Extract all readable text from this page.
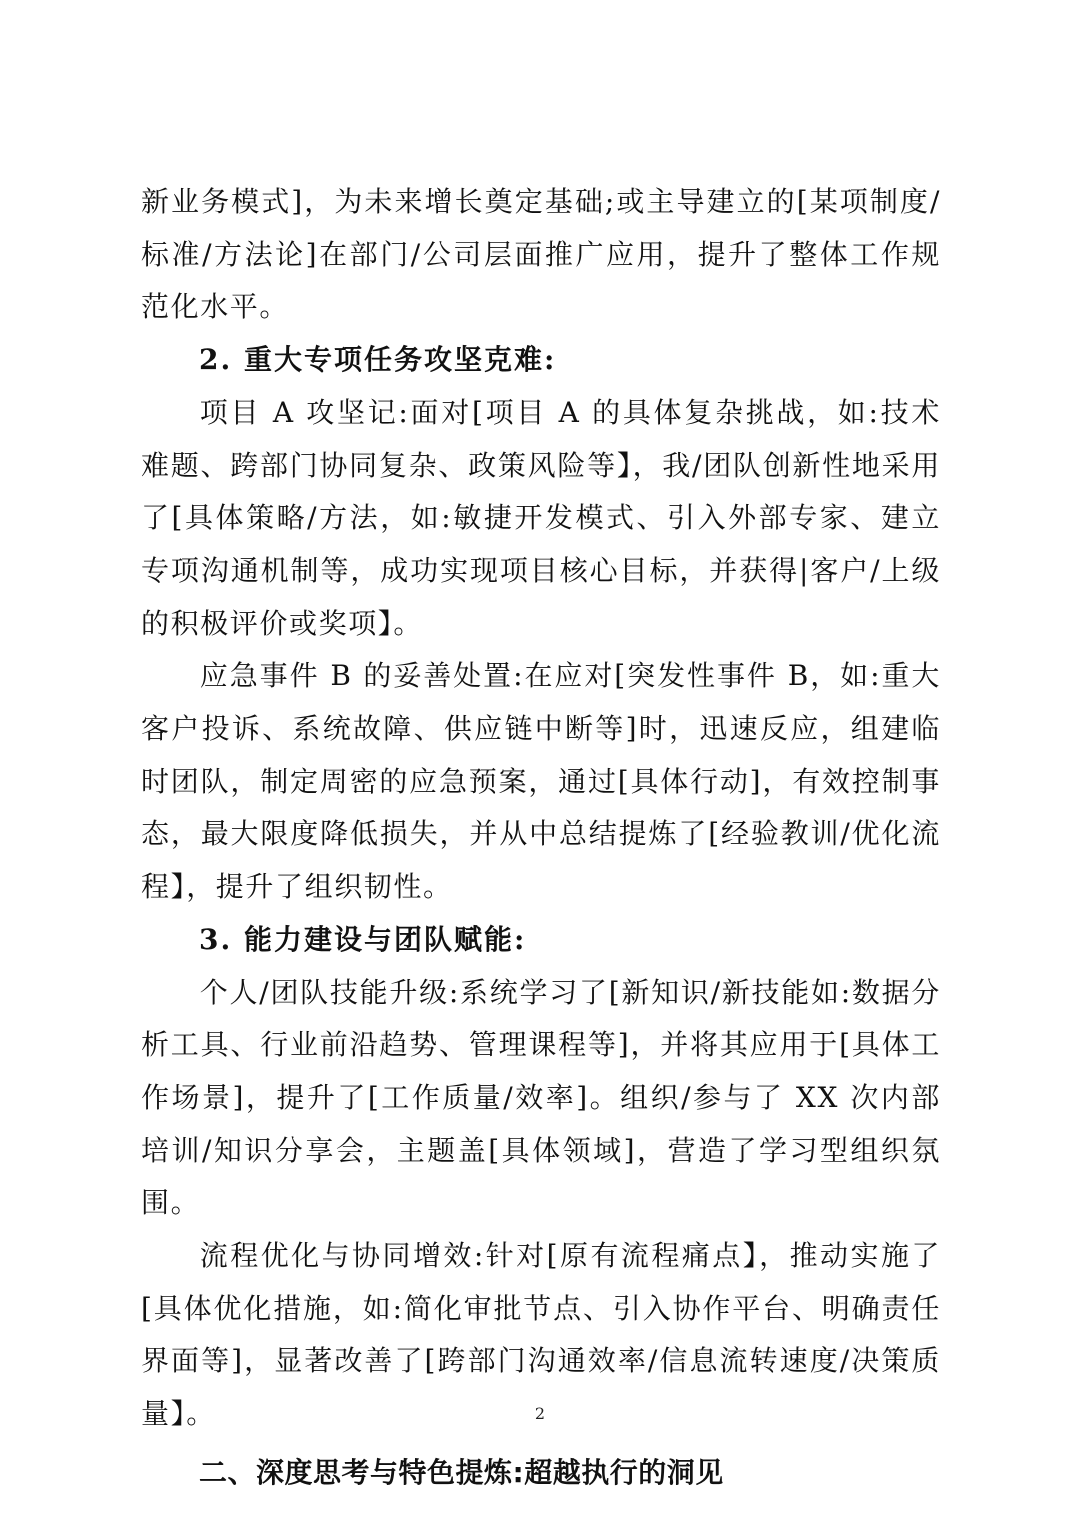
新业务模式]，为未来增长奠定基础;或主导建立的[某项制度/标准/方法论]在部门/公司层面推广应用，提升了整体工作规范化水平。

2. 重大专项任务攻坚克难:

项目 A 攻坚记:面对[项目 A 的具体复杂挑战，如:技术难题、跨部门协同复杂、政策风险等】，我/团队创新性地采用了[具体策略/方法，如:敏捷开发模式、引入外部专家、建立专项沟通机制等，成功实现项目核心目标，并获得|客户/上级的积极评价或奖项】。

应急事件 B 的妥善处置:在应对[突发性事件 B，如:重大客户投诉、系统故障、供应链中断等]时，迅速反应，组建临时团队，制定周密的应急预案，通过[具体行动]，有效控制事态，最大限度降低损失，并从中总结提炼了[经验教训/优化流程】，提升了组织韧性。

3. 能力建设与团队赋能:

个人/团队技能升级:系统学习了[新知识/新技能如:数据分析工具、行业前沿趋势、管理课程等]，并将其应用于[具体工作场景]，提升了[工作质量/效率]。组织/参与了 XX 次内部培训/知识分享会，主题盖[具体领域]，营造了学习型组织氛围。

流程优化与协同增效:针对[原有流程痛点】，推动实施了[具体优化措施，如:简化审批节点、引入协作平台、明确责任界面等]，显著改善了[跨部门沟通效率/信息流转速度/决策质量】。

二、深度思考与特色提炼:超越执行的洞见

2
